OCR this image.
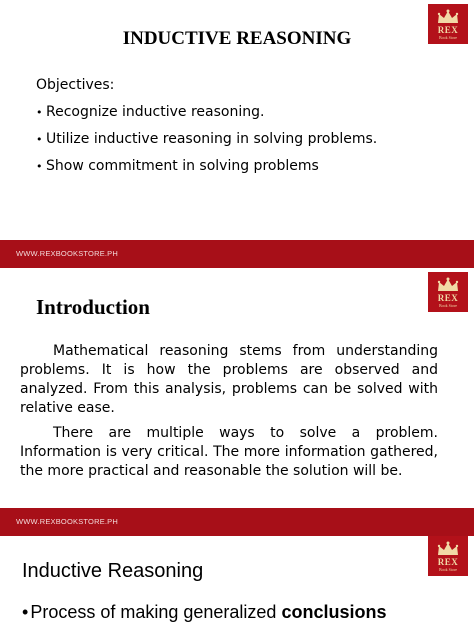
REX
Book Store
INDUCTIVE REASONING
Objectives:
• Recognize inductive reasoning.
• Utilize inductive reasoning in solving problems.
• Show commitment in solving problems
WWW.REXBOOKSTORE.PH
REX
Book Store
WWW.REXBOOKSTORE.PH
Introduction
Mathematical reasoning stems from understanding problems. It is how the problems are observed and analyzed. From this analysis, problems can be solved with relative ease.
There are multiple ways to solve a problem. Information is very critical. The more information gathered, the more practical and reasonable the solution will be.
REX
Book Store
Inductive Reasoning
• Process of making generalized conclusions
